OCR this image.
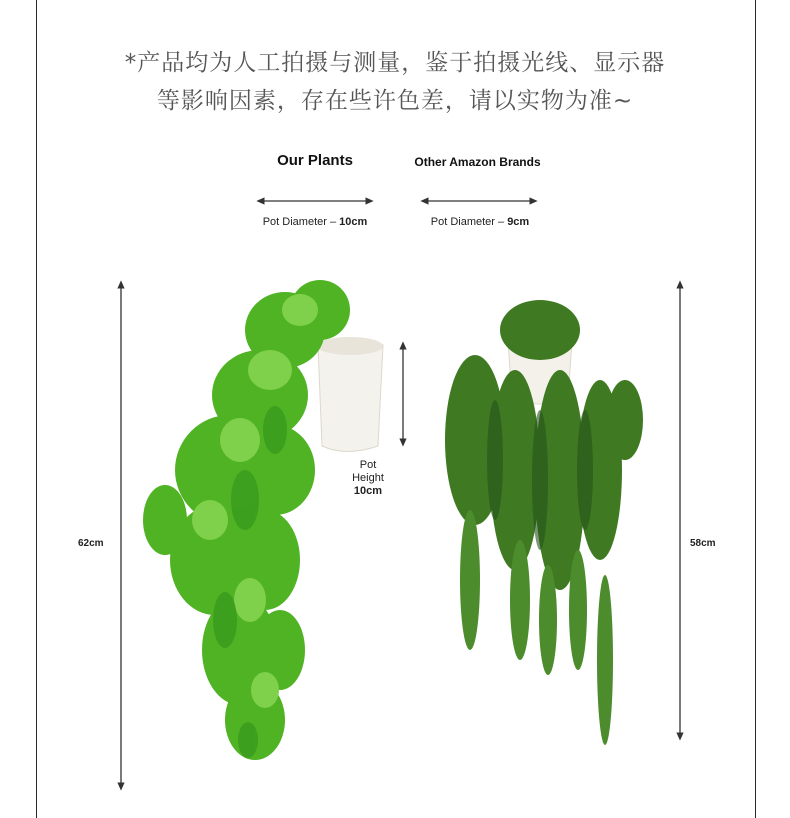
*产品均为人工拍摄与测量，鉴于拍摄光线、显示器
等影响因素，存在些许色差，请以实物为准~
Our Plants	Other Amazon Brands
Pot Diameter – 10cm	Pot Diameter – 9cm
Pot
Height
10cm
62cm	58cm
